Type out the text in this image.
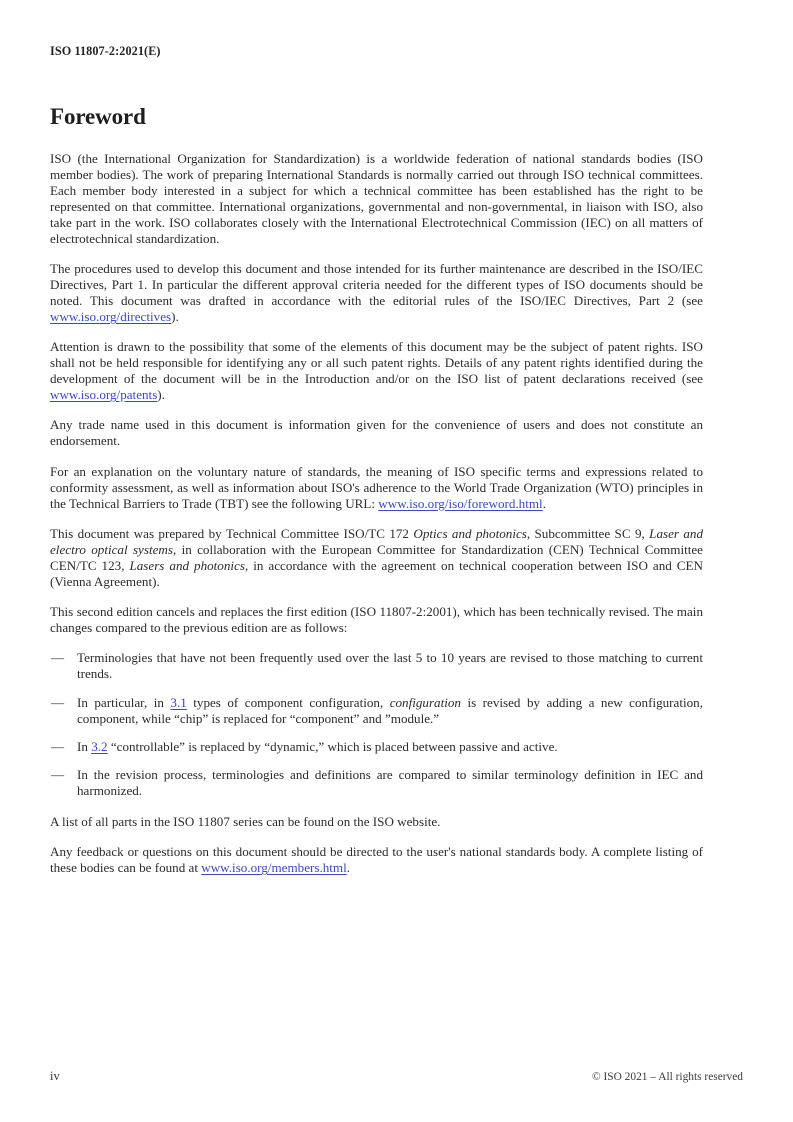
ISO 11807-2:2021(E)
Foreword

ISO (the International Organization for Standardization) is a worldwide federation of national standards bodies (ISO member bodies). The work of preparing International Standards is normally carried out through ISO technical committees. Each member body interested in a subject for which a technical committee has been established has the right to be represented on that committee. International organizations, governmental and non-governmental, in liaison with ISO, also take part in the work. ISO collaborates closely with the International Electrotechnical Commission (IEC) on all matters of electrotechnical standardization.

The procedures used to develop this document and those intended for its further maintenance are described in the ISO/IEC Directives, Part 1. In particular the different approval criteria needed for the different types of ISO documents should be noted. This document was drafted in accordance with the editorial rules of the ISO/IEC Directives, Part 2 (see www.iso.org/directives).

Attention is drawn to the possibility that some of the elements of this document may be the subject of patent rights. ISO shall not be held responsible for identifying any or all such patent rights. Details of any patent rights identified during the development of the document will be in the Introduction and/or on the ISO list of patent declarations received (see www.iso.org/patents).

Any trade name used in this document is information given for the convenience of users and does not constitute an endorsement.

For an explanation on the voluntary nature of standards, the meaning of ISO specific terms and expressions related to conformity assessment, as well as information about ISO's adherence to the World Trade Organization (WTO) principles in the Technical Barriers to Trade (TBT) see the following URL: www.iso.org/iso/foreword.html.

This document was prepared by Technical Committee ISO/TC 172 Optics and photonics, Subcommittee SC 9, Laser and electro optical systems, in collaboration with the European Committee for Standardization (CEN) Technical Committee CEN/TC 123, Lasers and photonics, in accordance with the agreement on technical cooperation between ISO and CEN (Vienna Agreement).

This second edition cancels and replaces the first edition (ISO 11807-2:2001), which has been technically revised. The main changes compared to the previous edition are as follows:

— Terminologies that have not been frequently used over the last 5 to 10 years are revised to those matching to current trends.
— In particular, in 3.1 types of component configuration, configuration is revised by adding a new configuration, component, while “chip” is replaced for “component” and ”module.”
— In 3.2 “controllable” is replaced by “dynamic,” which is placed between passive and active.
— In the revision process, terminologies and definitions are compared to similar terminology definition in IEC and harmonized.

A list of all parts in the ISO 11807 series can be found on the ISO website.

Any feedback or questions on this document should be directed to the user's national standards body. A complete listing of these bodies can be found at www.iso.org/members.html.

iv	© ISO 2021 – All rights reserved
